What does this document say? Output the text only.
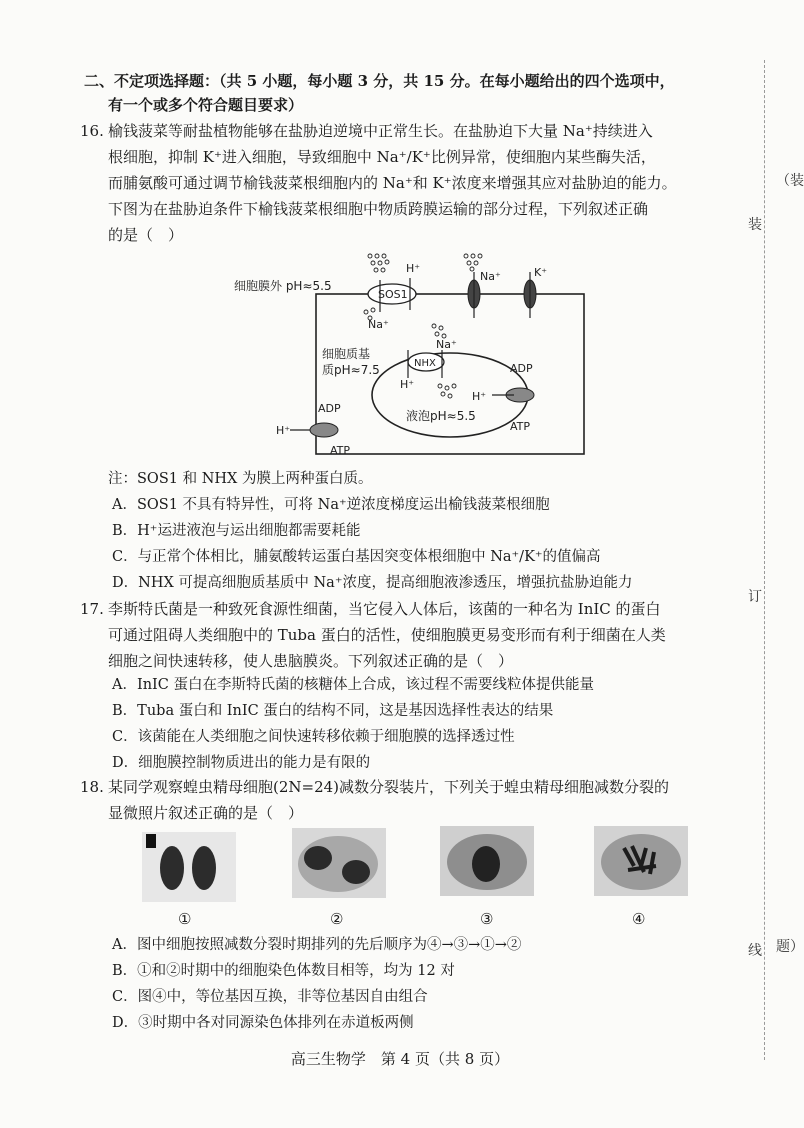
二、不定项选择题：（共 5 小题，每小题 3 分，共 15 分。在每小题给出的四个选项中，
有一个或多个符合题目要求）
16. 榆钱菠菜等耐盐植物能够在盐胁迫逆境中正常生长。在盐胁迫下大量 Na⁺持续进入
根细胞，抑制 K⁺进入细胞，导致细胞中 Na⁺/K⁺比例异常，使细胞内某些酶失活，
而脯氨酸可通过调节榆钱菠菜根细胞内的 Na⁺和 K⁺浓度来增强其应对盐胁迫的能力。
下图为在盐胁迫条件下榆钱菠菜根细胞中物质跨膜运输的部分过程，下列叙述正确
的是（　）
细胞膜外 pH≈5.5
SOS1
H⁺
Na⁺
Na⁺	K⁺
细胞质基
质pH≈7.5	NHX
Na⁺
H⁺
液泡pH≈5.5
ADP
ATP
H⁺
ADP
ATP
H⁺
注：SOS1 和 NHX 为膜上两种蛋白质。
A．SOS1 不具有特异性，可将 Na⁺逆浓度梯度运出榆钱菠菜根细胞
B．H⁺运进液泡与运出细胞都需要耗能
C．与正常个体相比，脯氨酸转运蛋白基因突变体根细胞中 Na⁺/K⁺的值偏高
D．NHX 可提高细胞质基质中 Na⁺浓度，提高细胞液渗透压，增强抗盐胁迫能力
17. 李斯特氏菌是一种致死食源性细菌，当它侵入人体后，该菌的一种名为 InIC 的蛋白
可通过阻碍人类细胞中的 Tuba 蛋白的活性，使细胞膜更易变形而有利于细菌在人类
细胞之间快速转移，使人患脑膜炎。下列叙述正确的是（　）
A．InIC 蛋白在李斯特氏菌的核糖体上合成，该过程不需要线粒体提供能量
B．Tuba 蛋白和 InIC 蛋白的结构不同，这是基因选择性表达的结果
C．该菌能在人类细胞之间快速转移依赖于细胞膜的选择透过性
D．细胞膜控制物质进出的能力是有限的
18. 某同学观察蝗虫精母细胞(2N=24)减数分裂装片，下列关于蝗虫精母细胞减数分裂的
显微照片叙述正确的是（　）
①	②	③	④
A．图中细胞按照减数分裂时期排列的先后顺序为④→③→①→②
B．①和②时期中的细胞染色体数目相等，均为 12 对
C．图④中，等位基因互换，非等位基因自由组合
D．③时期中各对同源染色体排列在赤道板两侧
高三生物学　第 4 页（共 8 页）
（装
装
订
线 题）
